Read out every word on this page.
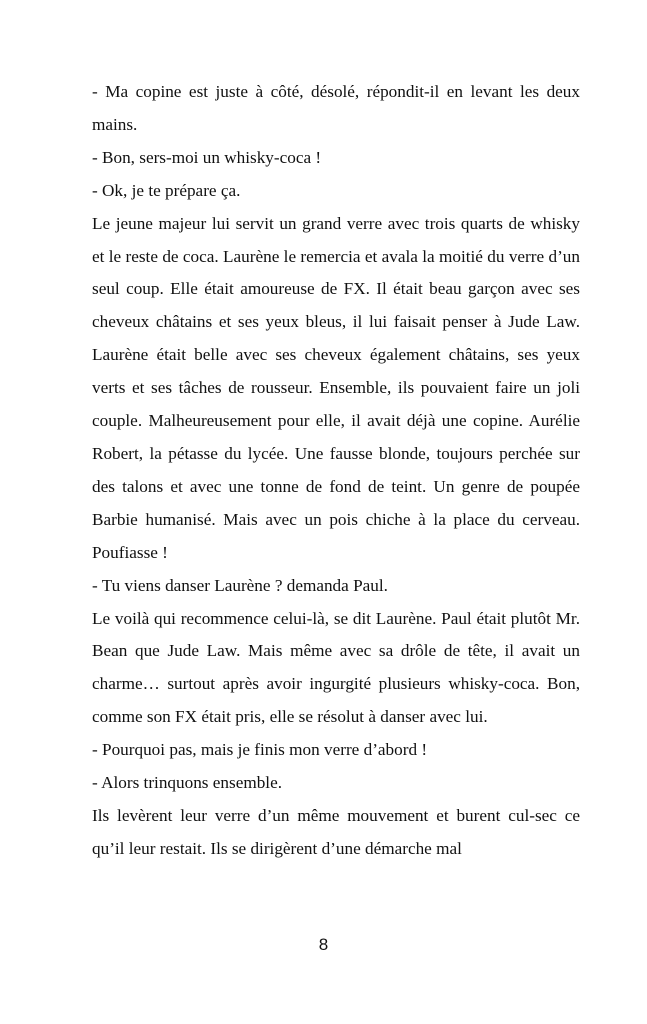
- Ma copine est juste à côté, désolé, répondit-il en levant les deux mains.

- Bon, sers-moi un whisky-coca !

- Ok, je te prépare ça.

Le jeune majeur lui servit un grand verre avec trois quarts de whisky et le reste de coca. Laurène le remercia et avala la moitié du verre d’un seul coup. Elle était amoureuse de FX. Il était beau garçon avec ses cheveux châtains et ses yeux bleus, il lui faisait penser à Jude Law. Laurène était belle avec ses cheveux également châtains, ses yeux verts et ses tâches de rousseur. Ensemble, ils pouvaient faire un joli couple. Malheureusement pour elle, il avait déjà une copine. Aurélie Robert, la pétasse du lycée. Une fausse blonde, toujours perchée sur des talons et avec une tonne de fond de teint. Un genre de poupée Barbie humanisé. Mais avec un pois chiche à la place du cerveau. Poufiasse !

- Tu viens danser Laurène ? demanda Paul.

Le voilà qui recommence celui-là, se dit Laurène. Paul était plutôt Mr. Bean que Jude Law. Mais même avec sa drôle de tête, il avait un charme… surtout après avoir ingurgité plusieurs whisky-coca. Bon, comme son FX était pris, elle se résolut à danser avec lui.

- Pourquoi pas, mais je finis mon verre d’abord !

- Alors trinquons ensemble.

Ils levèrent leur verre d’un même mouvement et burent cul-sec ce qu’il leur restait. Ils se dirigèrent d’une démarche mal

8
